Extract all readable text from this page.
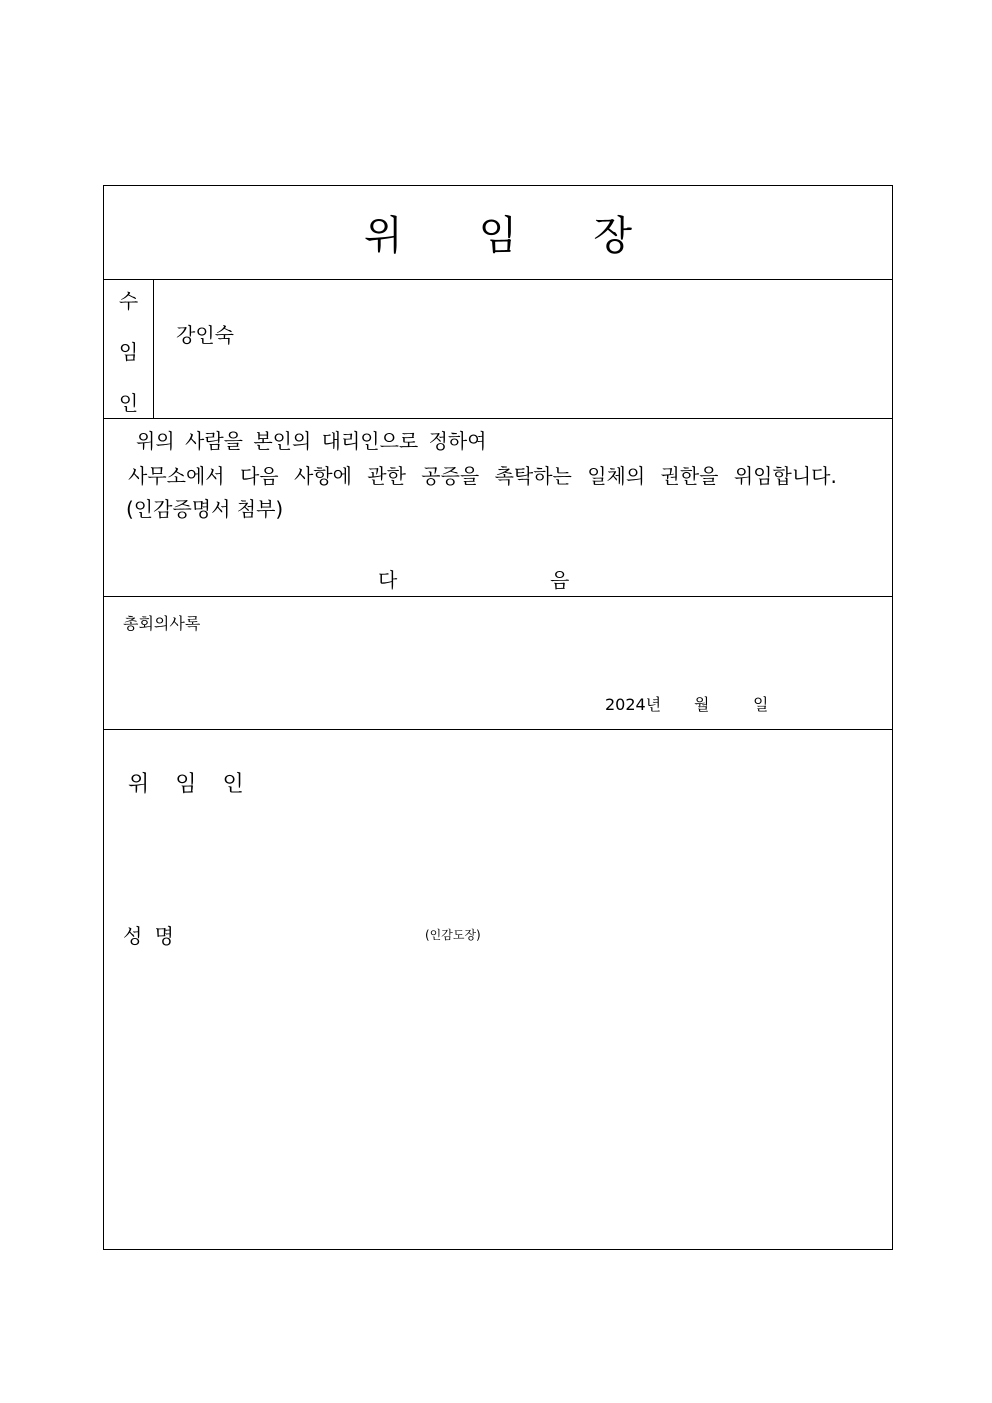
위 임 장
수
임
인
강인숙
위의 사람을 본인의 대리인으로 정하여
사무소에서 다음 사항에 관한 공증을 촉탁하는 일체의 권한을 위임합니다.
(인감증명서 첨부)
다	음
총회의사록
2024년 월	일
위 임 인
성 명	(인감도장)
